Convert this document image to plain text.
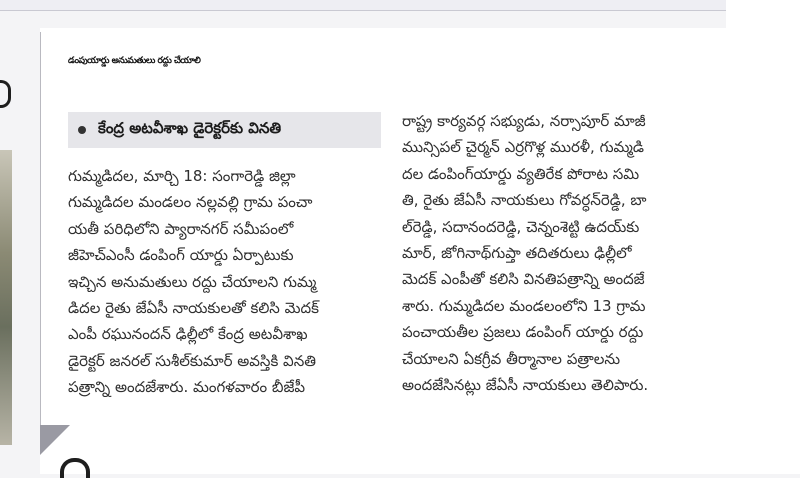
డంపుయార్డు అనుమతులు రద్దు చేయాలి
కేంద్ర అటవీశాఖ డైరెక్టర్‌కు వినతి
గుమ్మడిదల, మార్చి 18: సంగారెడ్డి జిల్లా
గుమ్మడిదల మండలం నల్లవల్లి గ్రామ పంచా
యతీ పరిధిలోని ప్యారానగర్ సమీపంలో
జీహెచ్‌ఎంసీ డంపింగ్ యార్డు ఏర్పాటుకు
ఇచ్చిన అనుమతులు రద్దు చేయాలని గుమ్మ
డిదల రైతు జేఏసీ నాయకులతో కలిసి మెదక్
ఎంపీ రఘునందన్ ఢిల్లీలో కేంద్ర అటవీశాఖ
డైరెక్టర్ జనరల్ సుశీల్‌కుమార్ అవస్తికి వినతి
పత్రాన్ని అందజేశారు. మంగళవారం బీజేపీ
రాష్ట్ర కార్యవర్గ సభ్యుడు, నర్సాపూర్ మాజీ
మున్సిపల్ చైర్మన్ ఎర్రగొళ్ల మురళీ, గుమ్మడి
దల డంపింగ్‌యార్డు వ్యతిరేక పోరాట సమి
తి, రైతు జేఏసీ నాయకులు గోవర్ధన్‌రెడ్డి, బా
ల్‌రెడ్డి, సదానందరెడ్డి, చెన్నంశెట్టి ఉదయ్‌కు
మార్, జోగినాథ్‌గుప్తా తదితరులు ఢిల్లీలో
మెదక్ ఎంపీతో కలిసి వినతిపత్రాన్ని అందజే
శారు. గుమ్మడిదల మండలంలోని 13 గ్రామ
పంచాయతీల ప్రజలు డంపింగ్ యార్డు రద్దు
చేయాలని ఏకగ్రీవ తీర్మానాల పత్రాలను
అందజేసినట్లు జేఏసీ నాయకులు తెలిపారు.
